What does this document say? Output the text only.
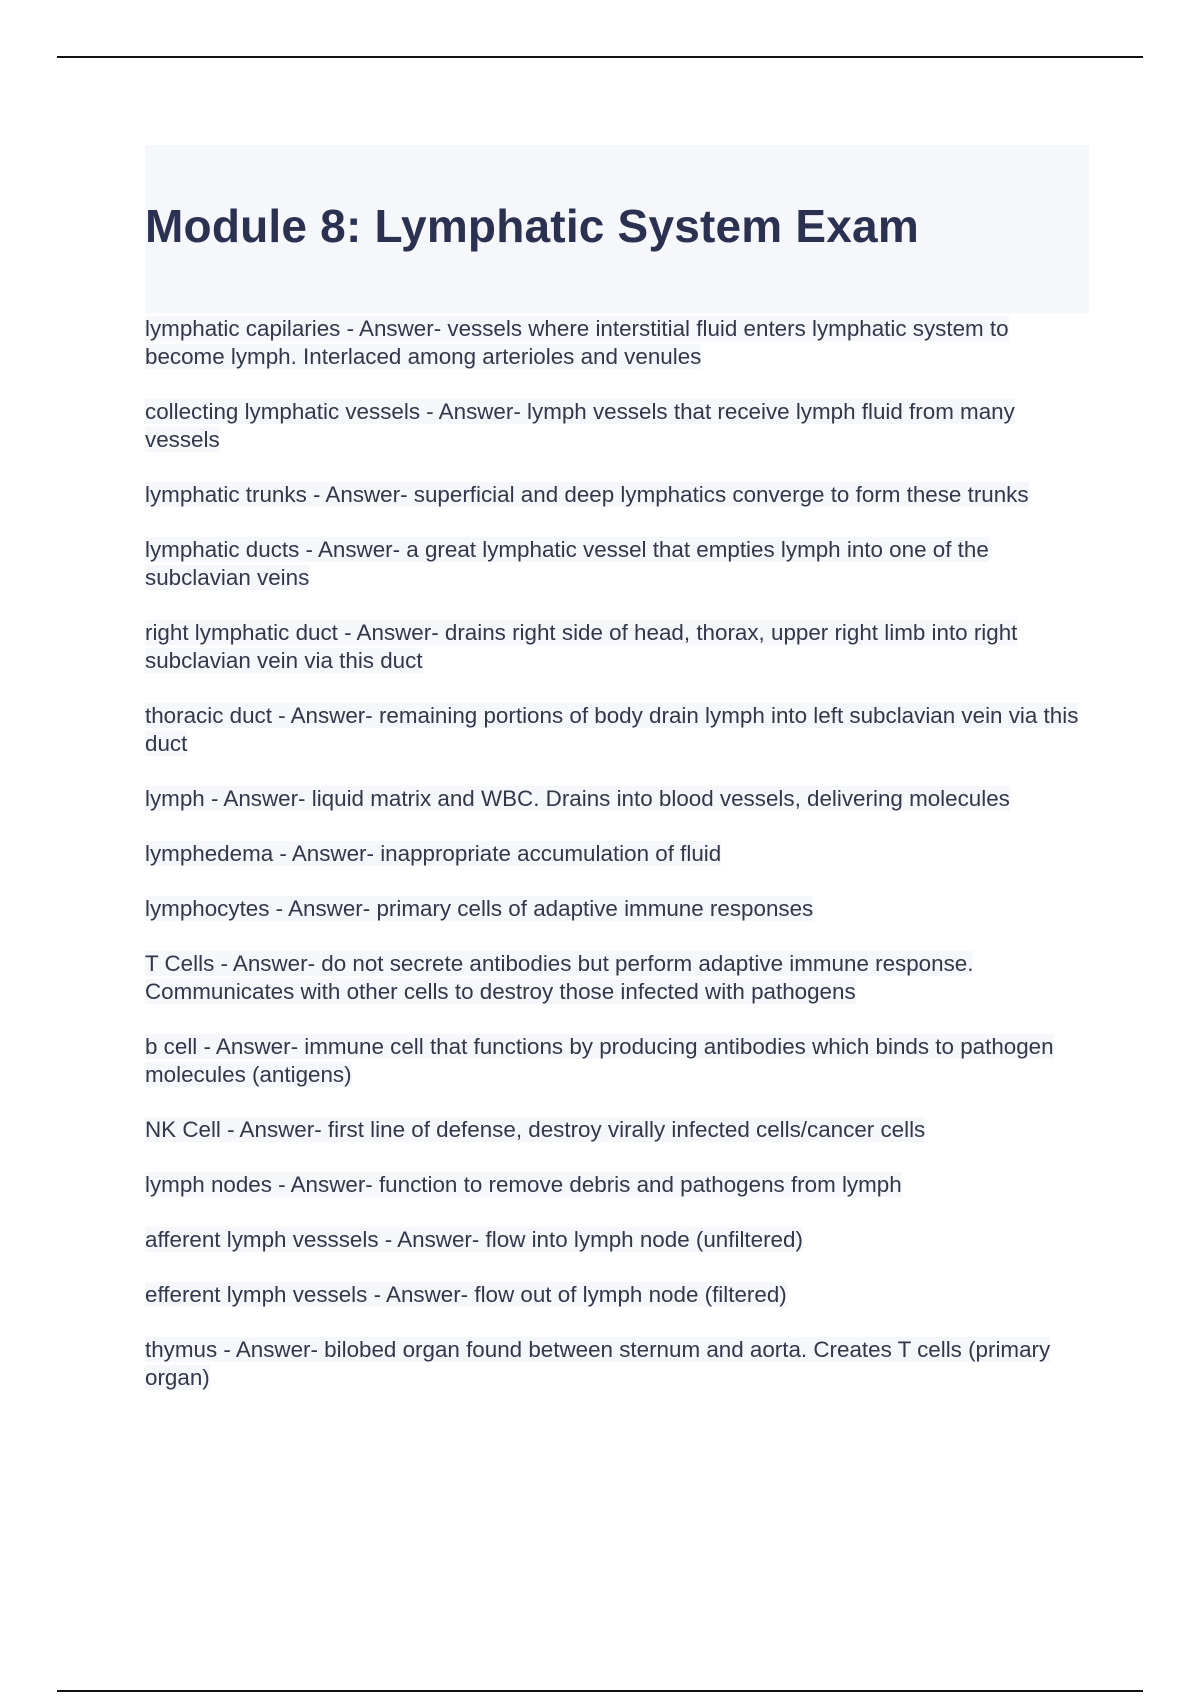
Module 8: Lymphatic System Exam

lymphatic capilaries - Answer- vessels where interstitial fluid enters lymphatic system to become lymph. Interlaced among arterioles and venules

collecting lymphatic vessels - Answer- lymph vessels that receive lymph fluid from many vessels

lymphatic trunks - Answer- superficial and deep lymphatics converge to form these trunks

lymphatic ducts - Answer- a great lymphatic vessel that empties lymph into one of the subclavian veins

right lymphatic duct - Answer- drains right side of head, thorax, upper right limb into right subclavian vein via this duct

thoracic duct - Answer- remaining portions of body drain lymph into left subclavian vein via this duct

lymph - Answer- liquid matrix and WBC. Drains into blood vessels, delivering molecules

lymphedema - Answer- inappropriate accumulation of fluid

lymphocytes - Answer- primary cells of adaptive immune responses

T Cells - Answer- do not secrete antibodies but perform adaptive immune response. Communicates with other cells to destroy those infected with pathogens

b cell - Answer- immune cell that functions by producing antibodies which binds to pathogen molecules (antigens)

NK Cell - Answer- first line of defense, destroy virally infected cells/cancer cells

lymph nodes - Answer- function to remove debris and pathogens from lymph

afferent lymph vesssels - Answer- flow into lymph node (unfiltered)

efferent lymph vessels - Answer- flow out of lymph node (filtered)

thymus - Answer- bilobed organ found between sternum and aorta. Creates T cells (primary organ)
